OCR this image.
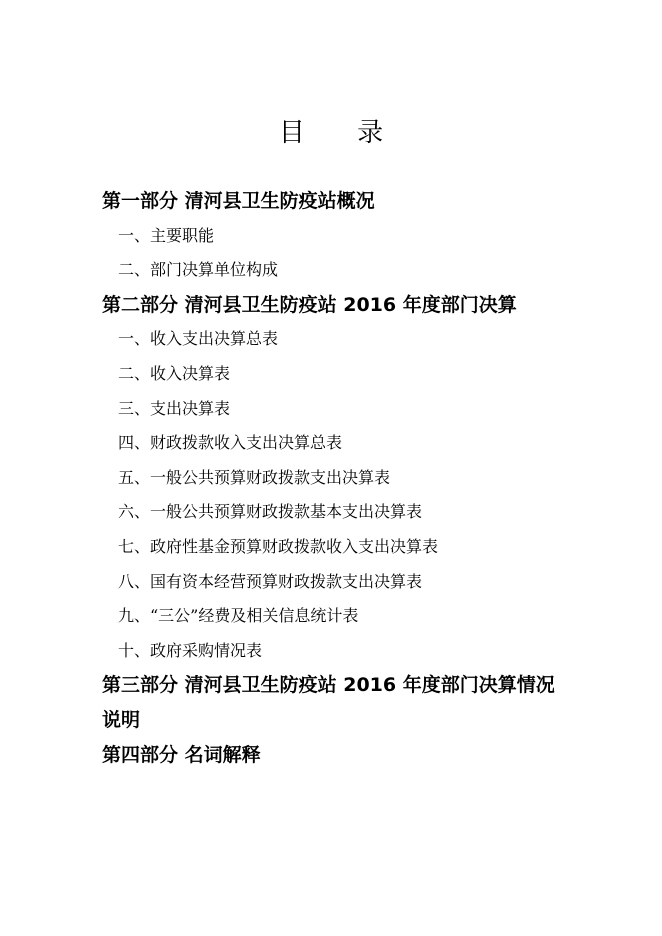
目 录
第一部分 清河县卫生防疫站概况
一、主要职能
二、部门决算单位构成
第二部分 清河县卫生防疫站 2016 年度部门决算
一、收入支出决算总表
二、收入决算表
三、支出决算表
四、财政拨款收入支出决算总表
五、一般公共预算财政拨款支出决算表
六、一般公共预算财政拨款基本支出决算表
七、政府性基金预算财政拨款收入支出决算表
八、国有资本经营预算财政拨款支出决算表
九、“三公”经费及相关信息统计表
十、政府采购情况表
第三部分 清河县卫生防疫站 2016 年度部门决算情况说明
第四部分 名词解释
